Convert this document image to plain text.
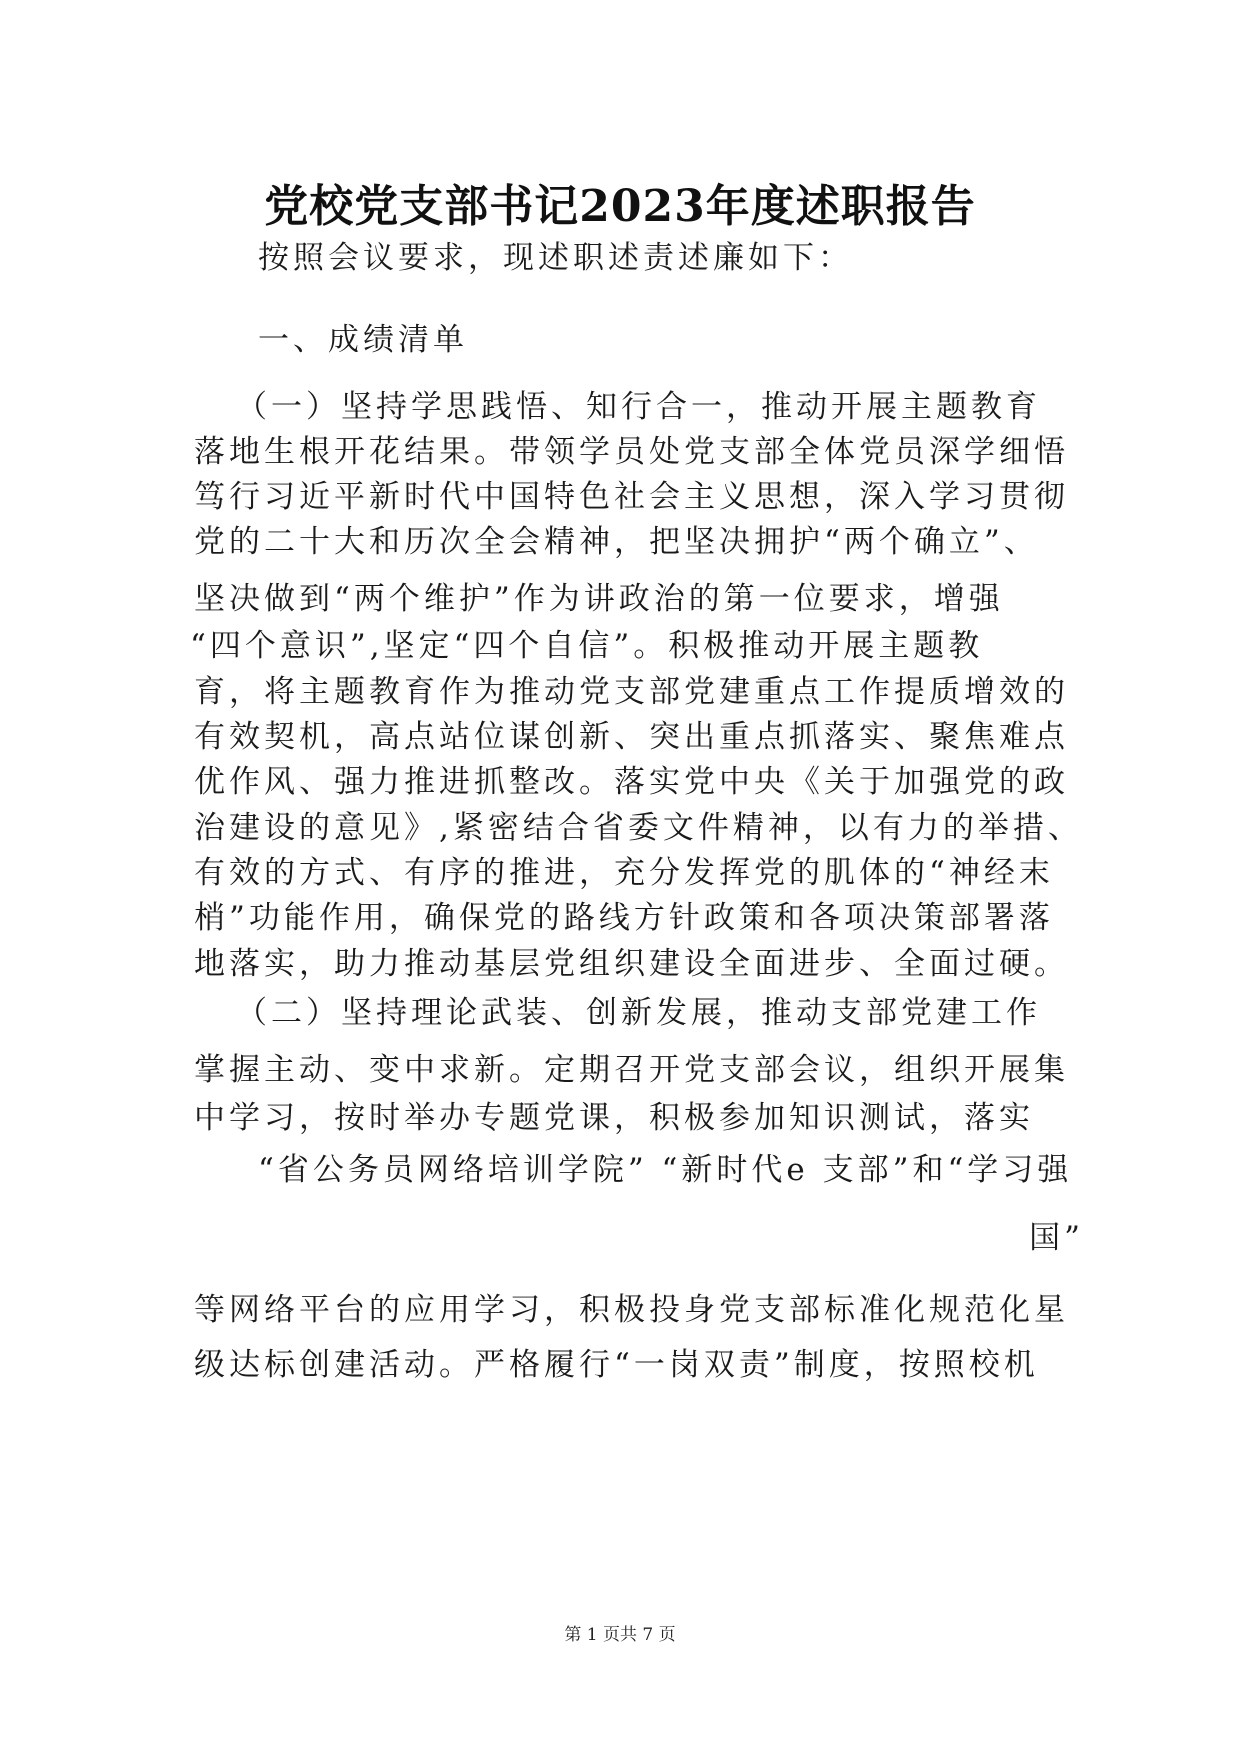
党校党支部书记2023年度述职报告

按照会议要求，现述职述责述廉如下：

一、成绩清单

（一）坚持学思践悟、知行合一，推动开展主题教育

落地生根开花结果。带领学员处党支部全体党员深学细悟

笃行习近平新时代中国特色社会主义思想，深入学习贯彻

党的二十大和历次全会精神，把坚决拥护“两个确立”、

坚决做到“两个维护”作为讲政治的第一位要求，增强

“四个意识”,坚定“四个自信”。积极推动开展主题教

育，将主题教育作为推动党支部党建重点工作提质增效的

有效契机，高点站位谋创新、突出重点抓落实、聚焦难点

优作风、强力推进抓整改。落实党中央《关于加强党的政

治建设的意见》,紧密结合省委文件精神，以有力的举措、

有效的方式、有序的推进，充分发挥党的肌体的“神经末

梢”功能作用，确保党的路线方针政策和各项决策部署落

地落实，助力推动基层党组织建设全面进步、全面过硬。

（二）坚持理论武装、创新发展，推动支部党建工作

掌握主动、变中求新。定期召开党支部会议，组织开展集

中学习，按时举办专题党课，积极参加知识测试，落实

“省公务员网络培训学院” “新时代e 支部”和“学习强

国”

等网络平台的应用学习，积极投身党支部标准化规范化星

级达标创建活动。严格履行“一岗双责”制度，按照校机

第 1 页共 7 页
